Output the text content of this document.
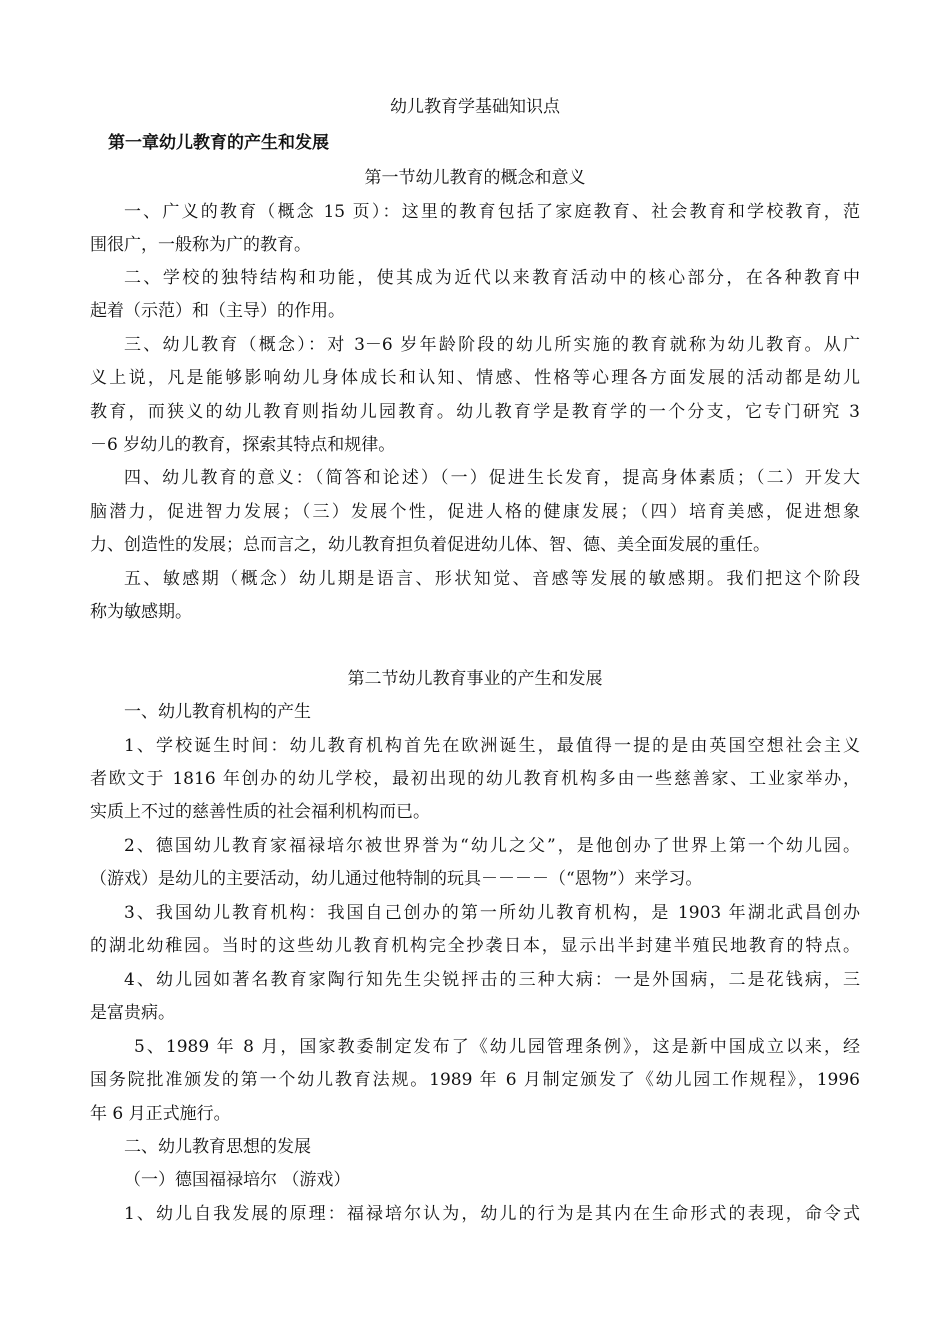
幼儿教育学基础知识点
第一章幼儿教育的产生和发展
第一节幼儿教育的概念和意义
一、广义的教育（概念 15 页）：这里的教育包括了家庭教育、社会教育和学校教育，范
围很广，一般称为广的教育。
二、学校的独特结构和功能，使其成为近代以来教育活动中的核心部分，在各种教育中
起着（示范）和（主导）的作用。
三、幼儿教育（概念）：对 3－6 岁年龄阶段的幼儿所实施的教育就称为幼儿教育。从广
义上说，凡是能够影响幼儿身体成长和认知、情感、性格等心理各方面发展的活动都是幼儿
教育，而狭义的幼儿教育则指幼儿园教育。幼儿教育学是教育学的一个分支，它专门研究 3
－6 岁幼儿的教育，探索其特点和规律。
四、幼儿教育的意义：（简答和论述）（一）促进生长发育，提高身体素质；（二）开发大
脑潜力，促进智力发展；（三）发展个性，促进人格的健康发展；（四）培育美感，促进想象
力、创造性的发展；总而言之，幼儿教育担负着促进幼儿体、智、德、美全面发展的重任。
五、敏感期（概念）幼儿期是语言、形状知觉、音感等发展的敏感期。我们把这个阶段
称为敏感期。
第二节幼儿教育事业的产生和发展
一、幼儿教育机构的产生
1、学校诞生时间：幼儿教育机构首先在欧洲诞生，最值得一提的是由英国空想社会主义
者欧文于 1816 年创办的幼儿学校，最初出现的幼儿教育机构多由一些慈善家、工业家举办，
实质上不过的慈善性质的社会福利机构而已。
2、德国幼儿教育家福禄培尔被世界誉为“幼儿之父”，是他创办了世界上第一个幼儿园。
（游戏）是幼儿的主要活动，幼儿通过他特制的玩具－－－－（“恩物”）来学习。
3、我国幼儿教育机构：我国自己创办的第一所幼儿教育机构，是 1903 年湖北武昌创办
的湖北幼稚园。当时的这些幼儿教育机构完全抄袭日本，显示出半封建半殖民地教育的特点。
4、幼儿园如著名教育家陶行知先生尖锐抨击的三种大病：一是外国病，二是花钱病，三
是富贵病。
5、1989 年 8 月，国家教委制定发布了《幼儿园管理条例》，这是新中国成立以来，经
国务院批准颁发的第一个幼儿教育法规。1989 年 6 月制定颁发了《幼儿园工作规程》，1996
年 6 月正式施行。
二、幼儿教育思想的发展
（一）德国福禄培尔 （游戏）
1、幼儿自我发展的原理：福禄培尔认为，幼儿的行为是其内在生命形式的表现，命令式
